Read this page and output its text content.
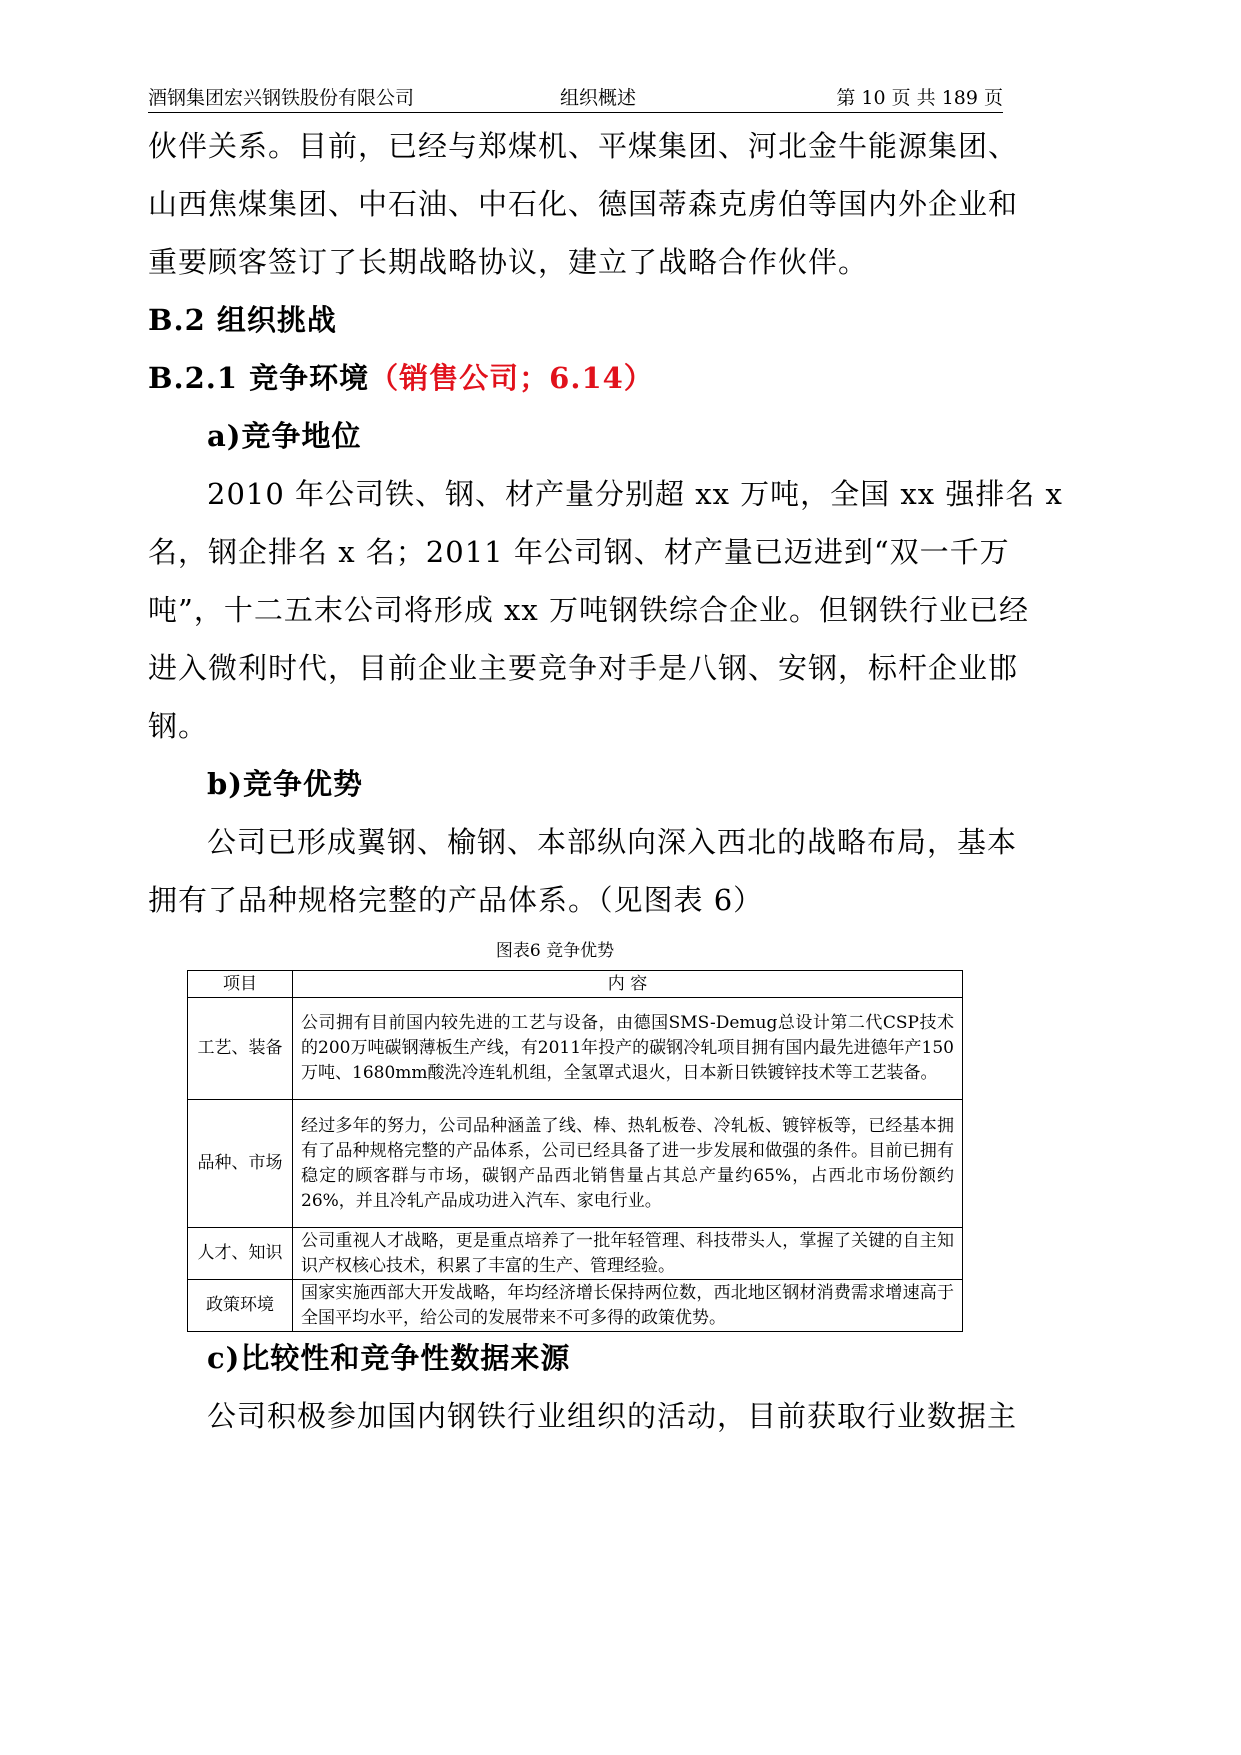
酒钢集团宏兴钢铁股份有限公司	组织概述	第 10 页 共 189 页
伙伴关系。目前，已经与郑煤机、平煤集团、河北金牛能源集团、
山西焦煤集团、中石油、中石化、德国蒂森克虏伯等国内外企业和
重要顾客签订了长期战略协议，建立了战略合作伙伴。
B.2 组织挑战
B.2.1 竞争环境（销售公司；6.14）
a)竞争地位
2010 年公司铁、钢、材产量分别超 xx 万吨，全国 xx 强排名 x
名，钢企排名 x 名；2011 年公司钢、材产量已迈进到“双一千万
吨”，十二五末公司将形成 xx 万吨钢铁综合企业。但钢铁行业已经
进入微利时代，目前企业主要竞争对手是八钢、安钢，标杆企业邯
钢。
b)竞争优势
公司已形成翼钢、榆钢、本部纵向深入西北的战略布局，基本
拥有了品种规格完整的产品体系。（见图表 6）
图表6 竞争优势
项目	内 容
工艺、装备	公司拥有目前国内较先进的工艺与设备，由德国SMS-Demug总设计第二代CSP技术的200万吨碳钢薄板生产线，有2011年投产的碳钢冷轧项目拥有国内最先进德年产150万吨、1680mm酸洗冷连轧机组，全氢罩式退火，日本新日铁镀锌技术等工艺装备。
品种、市场	经过多年的努力，公司品种涵盖了线、棒、热轧板卷、冷轧板、镀锌板等，已经基本拥有了品种规格完整的产品体系，公司已经具备了进一步发展和做强的条件。目前已拥有稳定的顾客群与市场，碳钢产品西北销售量占其总产量约65%，占西北市场份额约26%，并且冷轧产品成功进入汽车、家电行业。
人才、知识	公司重视人才战略，更是重点培养了一批年轻管理、科技带头人，掌握了关键的自主知识产权核心技术，积累了丰富的生产、管理经验。
政策环境	国家实施西部大开发战略，年均经济增长保持两位数，西北地区钢材消费需求增速高于全国平均水平，给公司的发展带来不可多得的政策优势。
c)比较性和竞争性数据来源
公司积极参加国内钢铁行业组织的活动，目前获取行业数据主
